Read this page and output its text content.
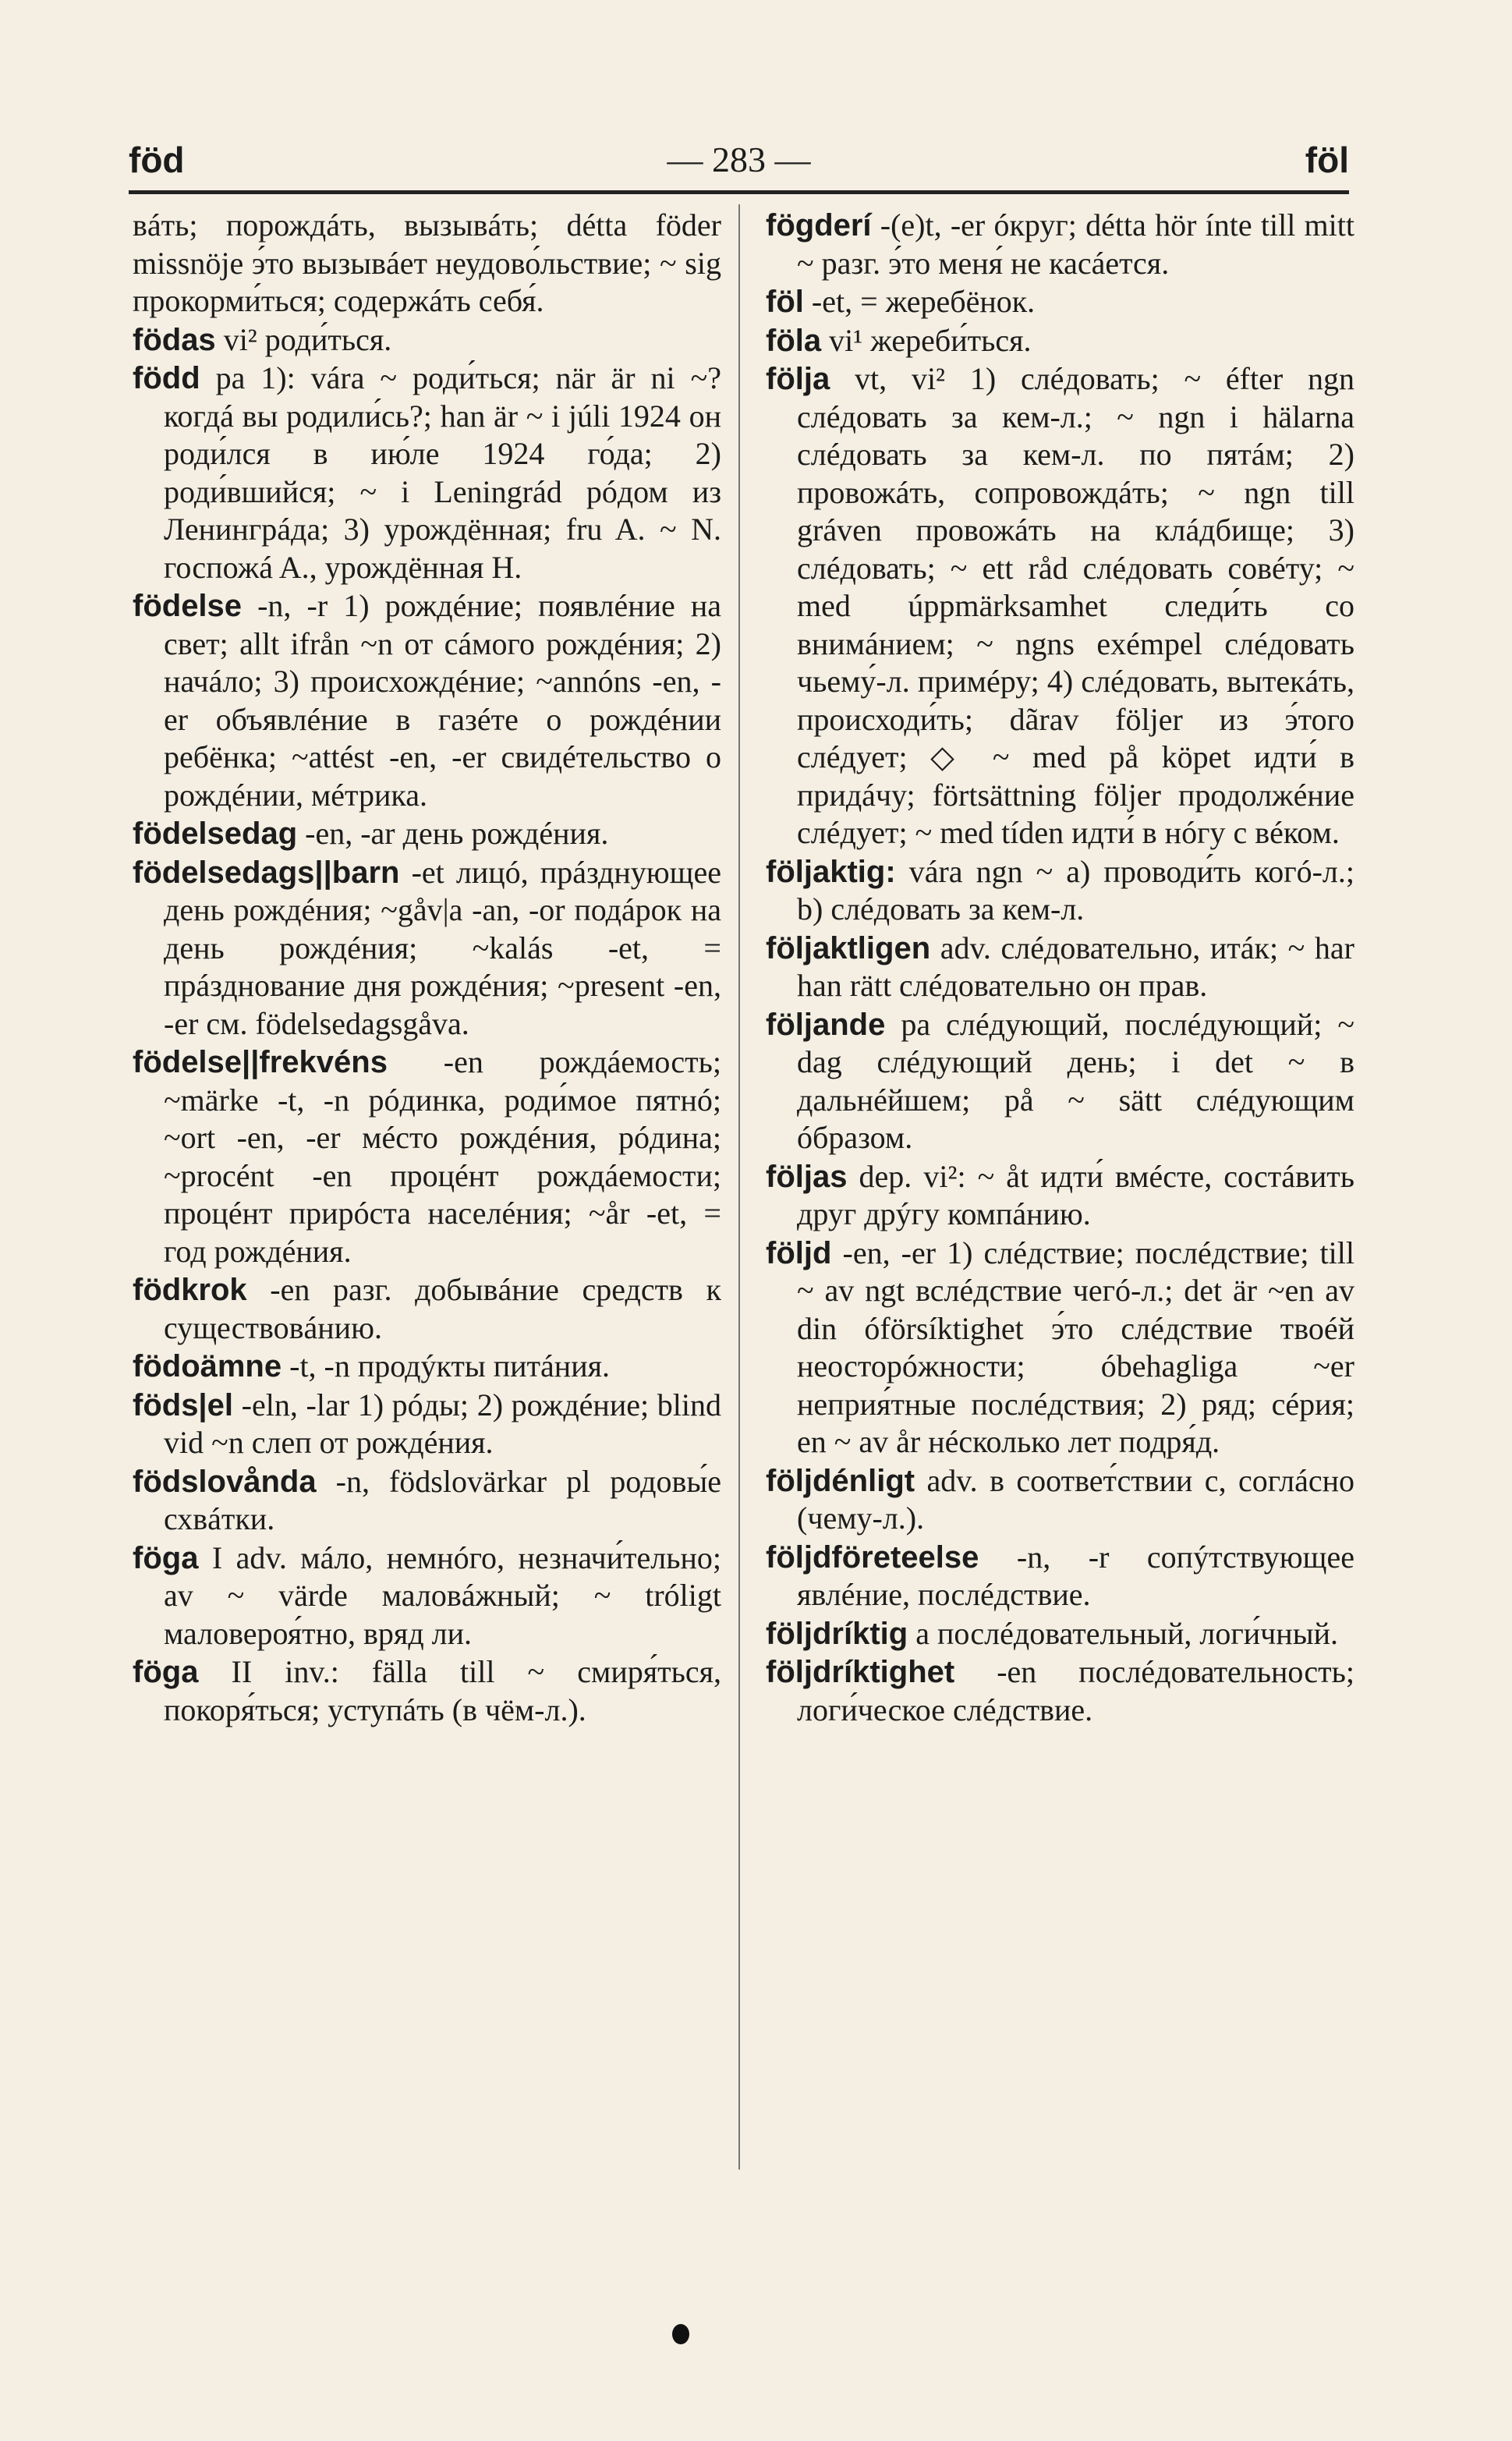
föd	— 283 —	föl
вáть; порождáть, вызывáть; détta föder missnöje э́то вызывáет неудово́льствие; ~ sig прокорми́ться; содержáть себя́.
födas vi² роди́ться.
född pa 1): vára ~ роди́ться; när är ni ~? когдá вы родили́сь?; han är ~ i júli 1924 он роди́лся в ию́ле 1924 го́да; 2) роди́вшийся; ~ i Leningrád рóдом из Ленингрáда; 3) урождённая; fru A. ~ N. госпожá A., урождённая H.
födelse -n, -r 1) рождéние; появлéние на свет; allt ifrån ~n от сáмого рождéния; 2) начáло; 3) происхождéние; ~annóns -en, -er объявлéние в газéте о рождéнии ребёнка; ~attést -en, -er свидéтельство о рождéнии, мéтрика.
födelsedag -en, -ar день рождéния.
födelsedags||barn -et лицó, прáзднующее день рождéния; ~gåv|a -an, -or подáрок на день рождéния; ~kalás -et, = прáзднование дня рождéния; ~present -en, -er см. födelsedagsgåva.
födelse||frekvéns -en рождáемость; ~märke -t, -n рóдинка, роди́мое пятнó; ~ort -en, -er мéсто рождéния, рóдина; ~procént -en процéнт рождáемости; процéнт прирóста населéния; ~år -et, = год рождéния.
födkrok -en разг. добывáние средств к существовáнию.
födoämne -t, -n продýкты питáния.
föds|el -eln, -lar 1) рóды; 2) рождéние; blind vid ~n слеп от рождéния.
födslovånda -n, födslovärkar pl родовы́е схвáтки.
föga I adv. мáло, немнóго, незначи́тельно; av ~ värde маловáжный; ~ tróligt маловероя́тно, вряд ли.
föga II inv.: fälla till ~ смиря́ться, покоря́ться; уступáть (в чём-л.).
fögderí -(e)t, -er óкруг; détta hör ínte till mitt ~ разг. э́то меня́ не касáется.
föl -et, = жеребёнок.
föla vi¹ жереби́ться.
följa vt, vi² 1) слéдовать; ~ éfter ngn слéдовать за кем-л.; ~ ngn i hälarna слéдовать за кем-л. по пятáм; 2) провожáть, сопровождáть; ~ ngn till gráven провожáть на клáдбище; 3) слéдовать; ~ ett råd слéдовать совéту; ~ med úppmärksamhet следи́ть со внимáнием; ~ ngns exémpel слéдовать чьему́-л. примéру; 4) слéдовать, вытекáть, происходи́ть; dãrav följer из э́того слéдует; ◇ ~ med på köpet идти́ в придáчу; förtsättning följer продолжéние слéдует; ~ med tíden идти́ в нóгу с вéком.
följaktig: vára ngn ~ a) проводи́ть когó-л.; b) слéдовать за кем-л.
följaktligen adv. слéдовательно, итáк; ~ har han rätt слéдовательно он прав.
följande pa слéдующий, послéдующий; ~ dag слéдующий день; i det ~ в дальнéйшем; på ~ sätt слéдующим óбразом.
följas dep. vi²: ~ åt идти́ вмéсте, состáвить друг дрýгу компáнию.
följd -en, -er 1) слéдствие; послéдствие; till ~ av ngt вслéдствие чегó-л.; det är ~en av din óförsíktighet э́то слéдствие твоéй неосторóжности; óbehagliga ~er неприя́тные послéдствия; 2) ряд; сéрия; en ~ av år нéсколько лет подря́д.
följdénligt adv. в соответ́ствии с, соглáсно (чему-л.).
följdföreteelse -n, -r сопýтствующее явлéние, послéдствие.
följdríktig a послéдовательный, логи́чный.
följdríktighet -en послéдовательность; логи́ческое слéдствие.
